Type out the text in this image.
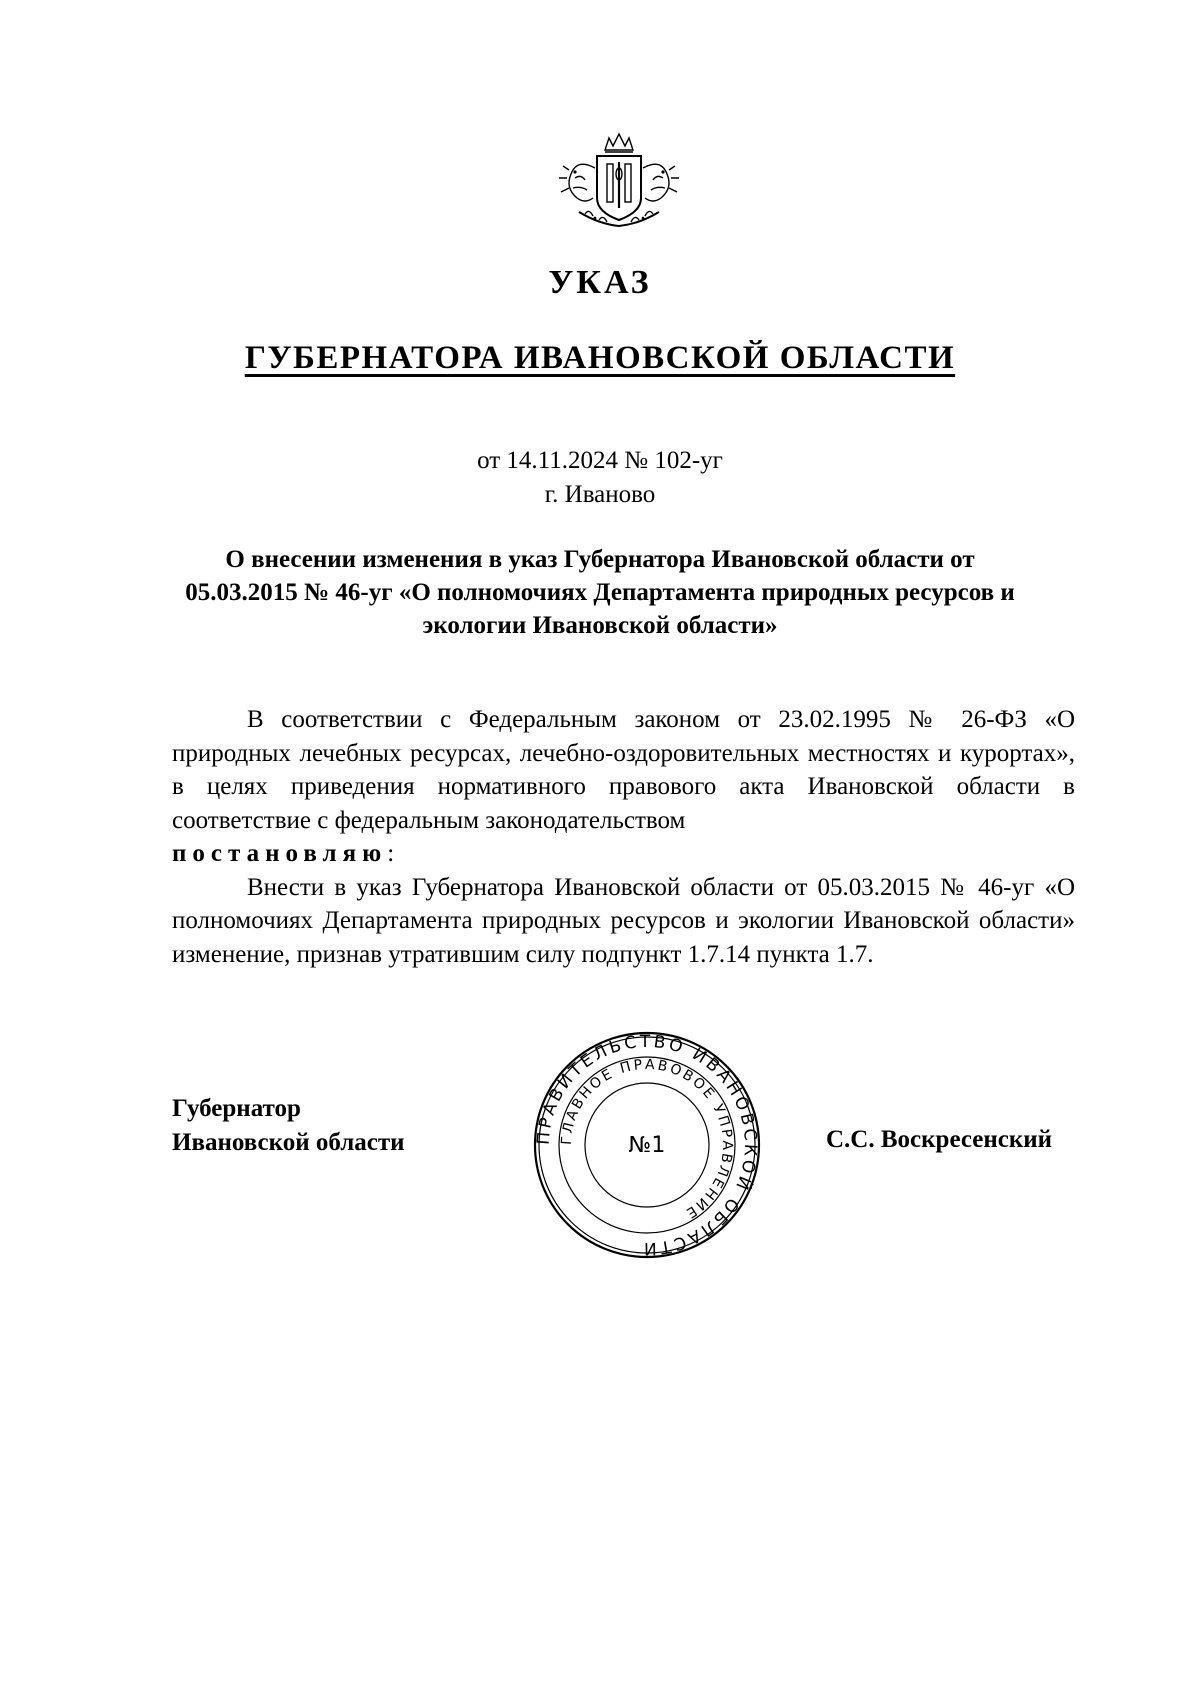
УКАЗ
ГУБЕРНАТОРА ИВАНОВСКОЙ ОБЛАСТИ
от 14.11.2024 № 102-уг
г. Иваново
О внесении изменения в указ Губернатора Ивановской области от 05.03.2015 № 46-уг «О полномочиях Департамента природных ресурсов и экологии Ивановской области»

В соответствии с Федеральным законом от 23.02.1995 № 26-ФЗ «О природных лечебных ресурсах, лечебно-оздоровительных местностях и курортах», в целях приведения нормативного правового акта Ивановской области в соответствие с федеральным законодательством
постановляю:

Внести в указ Губернатора Ивановской области от 05.03.2015 № 46-уг «О полномочиях Департамента природных ресурсов и экологии Ивановской области» изменение, признав утратившим силу подпункт 1.7.14 пункта 1.7.

Губернатор
Ивановской области	С.С. Воскресенский
ПРАВИТЕЛЬСТВО ИВАНОВСКОЙ ОБЛАСТИ
ГЛАВНОЕ ПРАВОВОЕ УПРАВЛЕНИЕ
№1
